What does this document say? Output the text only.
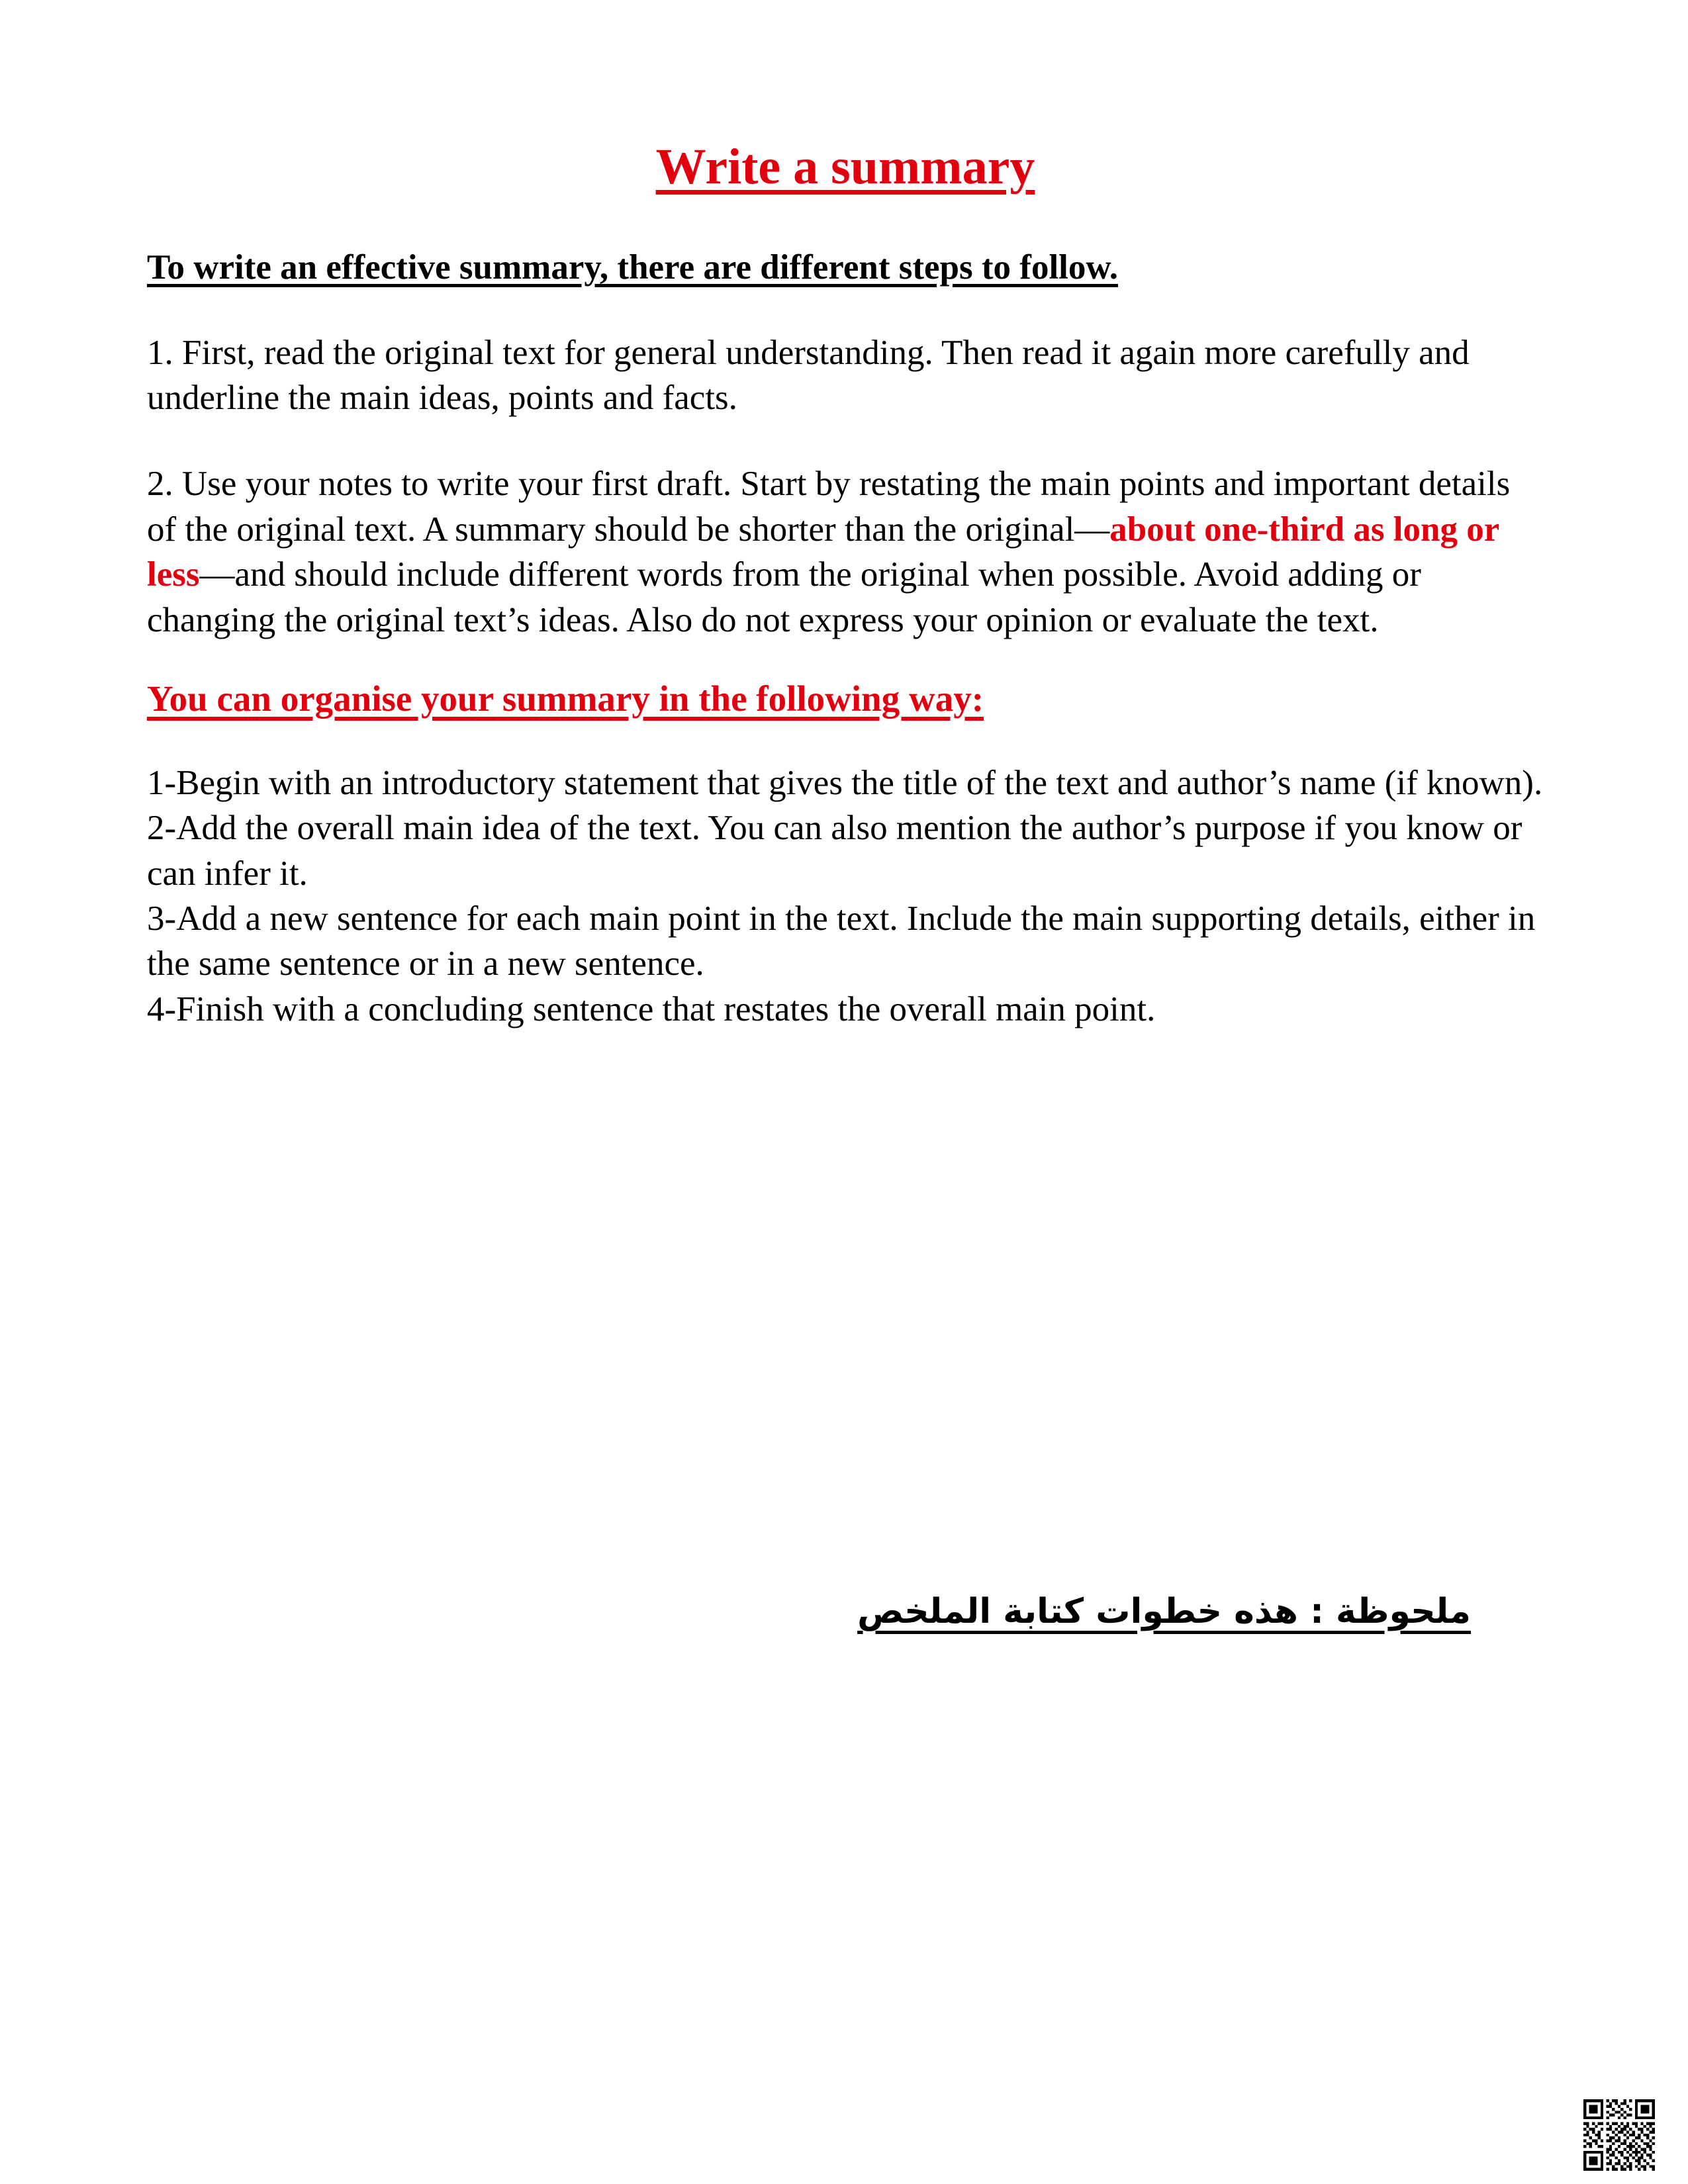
Write a summary

To write an effective summary, there are different steps to follow.

1. First, read the original text for general understanding. Then read it again more carefully and underline the main ideas, points and facts.

2. Use your notes to write your first draft. Start by restating the main points and important details of the original text. A summary should be shorter than the original—about one-third as long or less—and should include different words from the original when possible. Avoid adding or changing the original text’s ideas. Also do not express your opinion or evaluate the text.

You can organise your summary in the following way:
1-Begin with an introductory statement that gives the title of the text and author’s name (if known).
2-Add the overall main idea of the text. You can also mention the author’s purpose if you know or can infer it.
3-Add a new sentence for each main point in the text. Include the main supporting details, either in the same sentence or in a new sentence.
4-Finish with a concluding sentence that restates the overall main point.

ملحوظة : هذه خطوات كتابة الملخص
